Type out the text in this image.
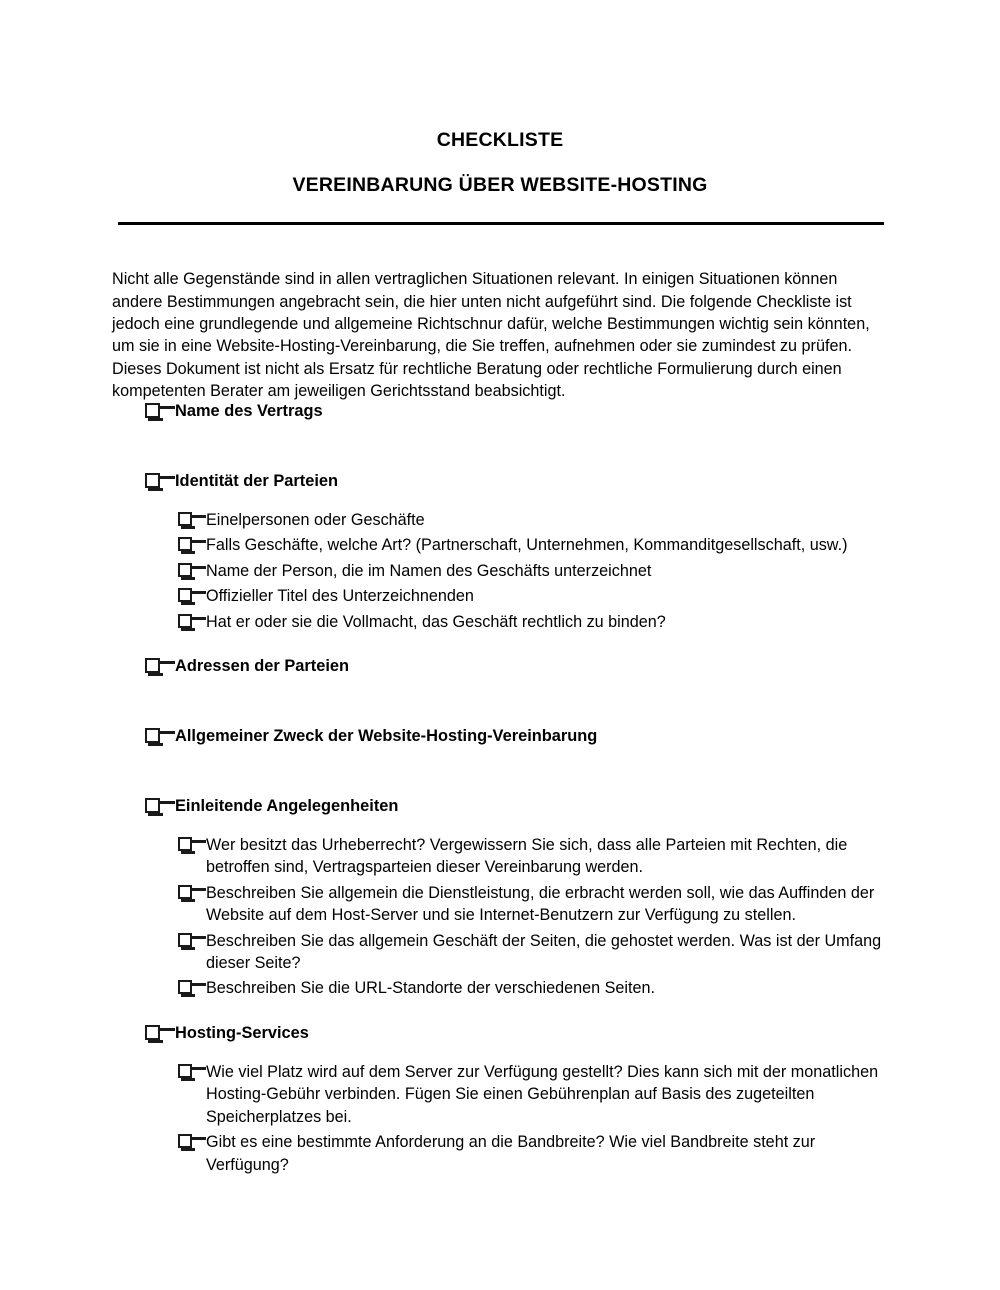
CHECKLISTE
VEREINBARUNG ÜBER WEBSITE-HOSTING

Nicht alle Gegenstände sind in allen vertraglichen Situationen relevant. In einigen Situationen können andere Bestimmungen angebracht sein, die hier unten nicht aufgeführt sind. Die folgende Checkliste ist jedoch eine grundlegende und allgemeine Richtschnur dafür, welche Bestimmungen wichtig sein könnten, um sie in eine Website-Hosting-Vereinbarung, die Sie treffen, aufnehmen oder sie zumindest zu prüfen. Dieses Dokument ist nicht als Ersatz für rechtliche Beratung oder rechtliche Formulierung durch einen kompetenten Berater am jeweiligen Gerichtsstand beabsichtigt.

Name des Vertrags
Identität der Parteien
Einelpersonen oder Geschäfte
Falls Geschäfte, welche Art? (Partnerschaft, Unternehmen, Kommanditgesellschaft, usw.)
Name der Person, die im Namen des Geschäfts unterzeichnet
Offizieller Titel des Unterzeichnenden
Hat er oder sie die Vollmacht, das Geschäft rechtlich zu binden?
Adressen der Parteien
Allgemeiner Zweck der Website-Hosting-Vereinbarung
Einleitende Angelegenheiten
Wer besitzt das Urheberrecht? Vergewissern Sie sich, dass alle Parteien mit Rechten, die betroffen sind, Vertragsparteien dieser Vereinbarung werden.
Beschreiben Sie allgemein die Dienstleistung, die erbracht werden soll, wie das Auffinden der Website auf dem Host-Server und sie Internet-Benutzern zur Verfügung zu stellen.
Beschreiben Sie das allgemein Geschäft der Seiten, die gehostet werden. Was ist der Umfang dieser Seite?
Beschreiben Sie die URL-Standorte der verschiedenen Seiten.
Hosting-Services
Wie viel Platz wird auf dem Server zur Verfügung gestellt? Dies kann sich mit der monatlichen Hosting-Gebühr verbinden. Fügen Sie einen Gebührenplan auf Basis des zugeteilten Speicherplatzes bei.
Gibt es eine bestimmte Anforderung an die Bandbreite? Wie viel Bandbreite steht zur Verfügung?
